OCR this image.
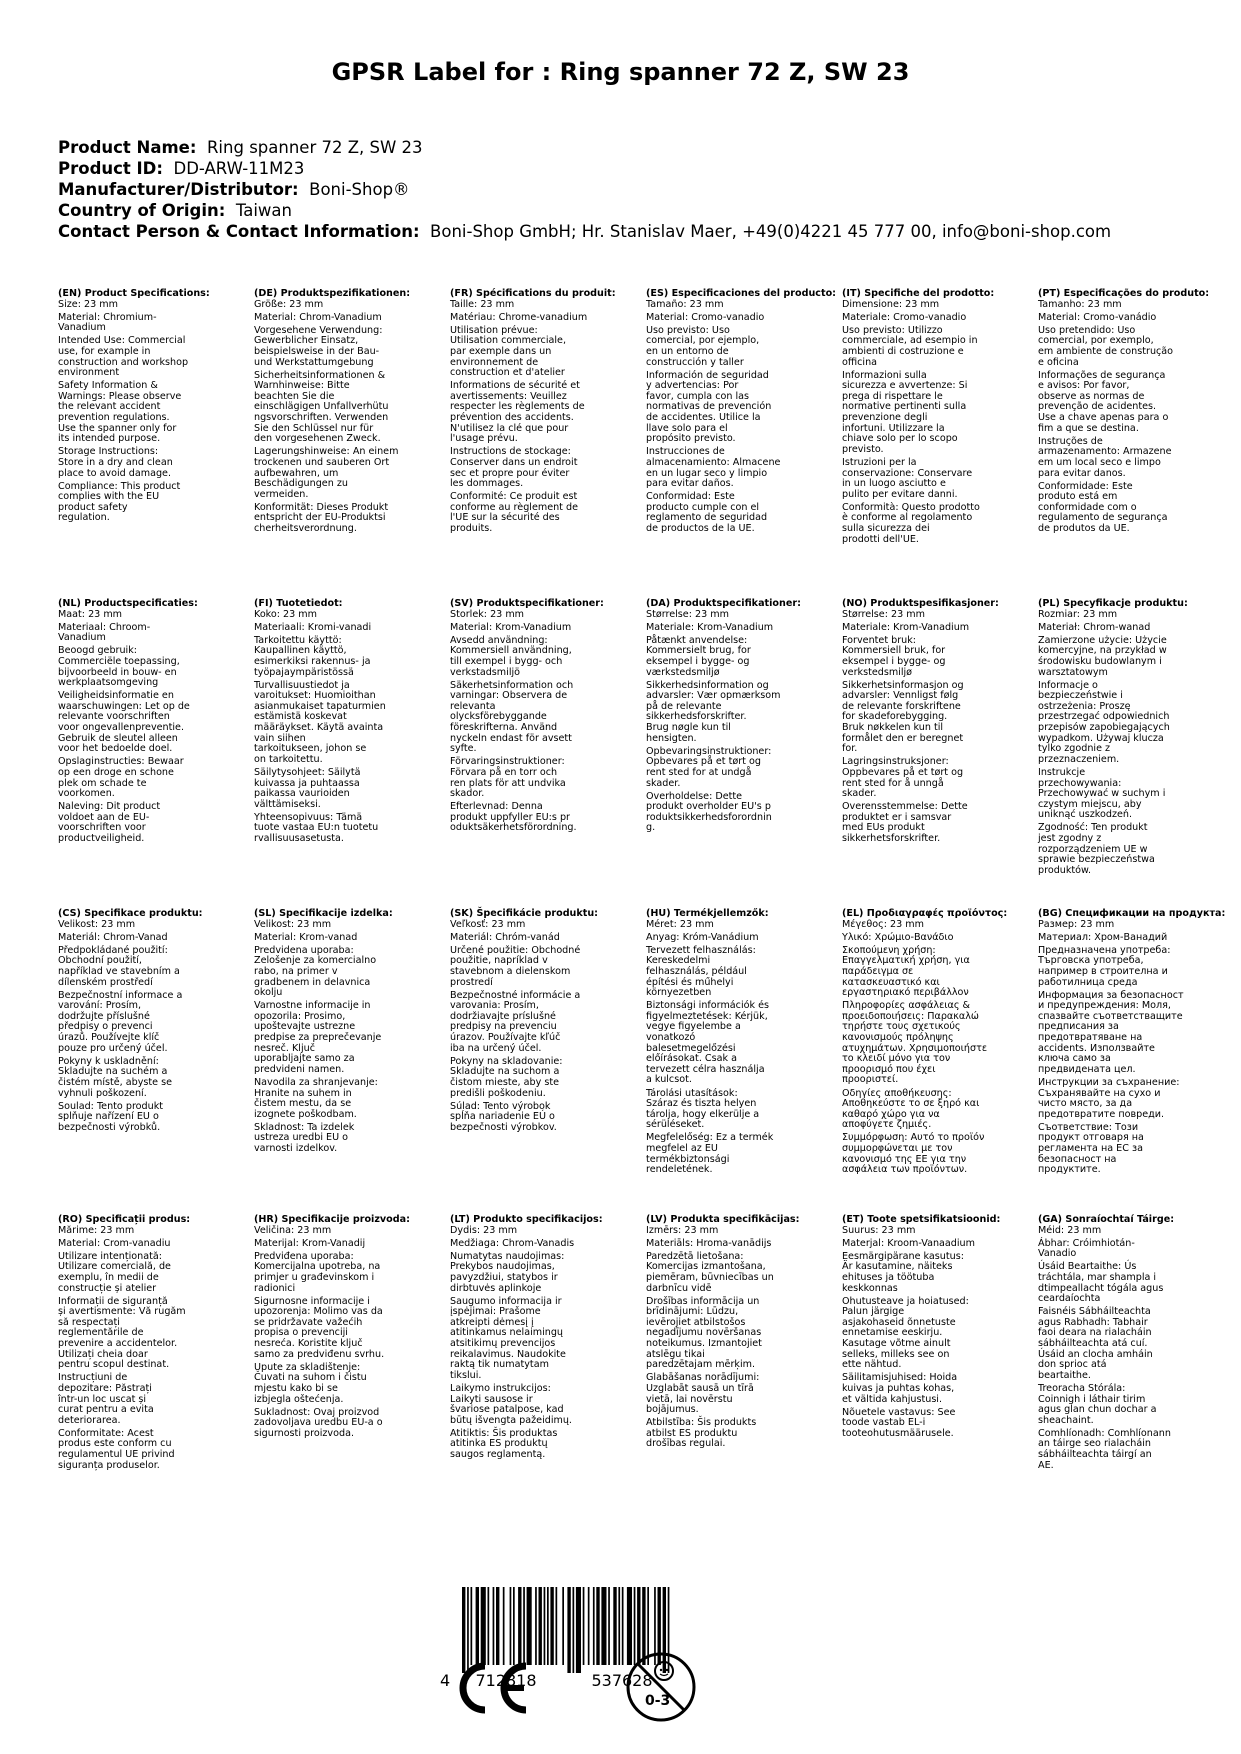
GPSR Label for : Ring spanner 72 Z, SW 23
Product Name: Ring spanner 72 Z, SW 23
Product ID: DD-ARW-11M23
Manufacturer/Distributor: Boni-Shop®
Country of Origin: Taiwan
Contact Person & Contact Information: Boni-Shop GmbH; Hr. Stanislav Maer, +49(0)4221 45 777 00, info@boni-shop.com
(EN) Product Specifications:
Size: 23 mm
Material: Chromium-
Vanadium
Intended Use: Commercial
use, for example in
construction and workshop
environment
Safety Information &
Warnings: Please observe
the relevant accident
prevention regulations.
Use the spanner only for
its intended purpose.
Storage Instructions:
Store in a dry and clean
place to avoid damage.
Compliance: This product
complies with the EU
product safety
regulation.
(DE) Produktspezifikationen:
Größe: 23 mm
Material: Chrom-Vanadium
Vorgesehene Verwendung:
Gewerblicher Einsatz,
beispielsweise in der Bau-
und Werkstattumgebung
Sicherheitsinformationen &
Warnhinweise: Bitte
beachten Sie die
einschlägigen Unfallverhütu
ngsvorschriften. Verwenden
Sie den Schlüssel nur für
den vorgesehenen Zweck.
Lagerungshinweise: An einem
trockenen und sauberen Ort
aufbewahren, um
Beschädigungen zu
vermeiden.
Konformität: Dieses Produkt
entspricht der EU-Produktsi
cherheitsverordnung.
(FR) Spécifications du produit:
Taille: 23 mm
Matériau: Chrome-vanadium
Utilisation prévue:
Utilisation commerciale,
par exemple dans un
environnement de
construction et d'atelier
Informations de sécurité et
avertissements: Veuillez
respecter les règlements de
prévention des accidents.
N'utilisez la clé que pour
l'usage prévu.
Instructions de stockage:
Conserver dans un endroit
sec et propre pour éviter
les dommages.
Conformité: Ce produit est
conforme au règlement de
l'UE sur la sécurité des
produits.
(ES) Especificaciones del producto:
Tamaño: 23 mm
Material: Cromo-vanadio
Uso previsto: Uso
comercial, por ejemplo,
en un entorno de
construcción y taller
Información de seguridad
y advertencias: Por
favor, cumpla con las
normativas de prevención
de accidentes. Utilice la
llave solo para el
propósito previsto.
Instrucciones de
almacenamiento: Almacene
en un lugar seco y limpio
para evitar daños.
Conformidad: Este
producto cumple con el
reglamento de seguridad
de productos de la UE.
(IT) Specifiche del prodotto:
Dimensione: 23 mm
Materiale: Cromo-vanadio
Uso previsto: Utilizzo
commerciale, ad esempio in
ambienti di costruzione e
officina
Informazioni sulla
sicurezza e avvertenze: Si
prega di rispettare le
normative pertinenti sulla
prevenzione degli
infortuni. Utilizzare la
chiave solo per lo scopo
previsto.
Istruzioni per la
conservazione: Conservare
in un luogo asciutto e
pulito per evitare danni.
Conformità: Questo prodotto
è conforme al regolamento
sulla sicurezza dei
prodotti dell'UE.
(PT) Especificações do produto:
Tamanho: 23 mm
Material: Cromo-vanádio
Uso pretendido: Uso
comercial, por exemplo,
em ambiente de construção
e oficina
Informações de segurança
e avisos: Por favor,
observe as normas de
prevenção de acidentes.
Use a chave apenas para o
fim a que se destina.
Instruções de
armazenamento: Armazene
em um local seco e limpo
para evitar danos.
Conformidade: Este
produto está em
conformidade com o
regulamento de segurança
de produtos da UE.
(NL) Productspecificaties:
Maat: 23 mm
Materiaal: Chroom-
Vanadium
Beoogd gebruik:
Commerciële toepassing,
bijvoorbeeld in bouw- en
werkplaatsomgeving
Veiligheidsinformatie en
waarschuwingen: Let op de
relevante voorschriften
voor ongevallenpreventie.
Gebruik de sleutel alleen
voor het bedoelde doel.
Opslaginstructies: Bewaar
op een droge en schone
plek om schade te
voorkomen.
Naleving: Dit product
voldoet aan de EU-
voorschriften voor
productveiligheid.
(FI) Tuotetiedot:
Koko: 23 mm
Materiaali: Kromi-vanadi
Tarkoitettu käyttö:
Kaupallinen käyttö,
esimerkiksi rakennus- ja
työpajaympäristössä
Turvallisuustiedot ja
varoitukset: Huomioithan
asianmukaiset tapaturmien
estämistä koskevat
määräykset. Käytä avainta
vain siihen
tarkoitukseen, johon se
on tarkoitettu.
Säilytysohjeet: Säilytä
kuivassa ja puhtaassa
paikassa vaurioiden
välttämiseksi.
Yhteensopivuus: Tämä
tuote vastaa EU:n tuotetu
rvallisuusasetusta.
(SV) Produktspecifikationer:
Storlek: 23 mm
Material: Krom-Vanadium
Avsedd användning:
Kommersiell användning,
till exempel i bygg- och
verkstadsmiljö
Säkerhetsinformation och
varningar: Observera de
relevanta
olycksförebyggande
föreskrifterna. Använd
nyckeln endast för avsett
syfte.
Förvaringsinstruktioner:
Förvara på en torr och
ren plats för att undvika
skador.
Efterlevnad: Denna
produkt uppfyller EU:s pr
oduktsäkerhetsförordning.
(DA) Produktspecifikationer:
Størrelse: 23 mm
Materiale: Krom-Vanadium
Påtænkt anvendelse:
Kommersielt brug, for
eksempel i bygge- og
værkstedsmiljø
Sikkerhedsinformation og
advarsler: Vær opmærksom
på de relevante
sikkerhedsforskrifter.
Brug nøgle kun til
hensigten.
Opbevaringsinstruktioner:
Opbevares på et tørt og
rent sted for at undgå
skader.
Overholdelse: Dette
produkt overholder EU's p
roduktsikkerhedsforordnin
g.
(NO) Produktspesifikasjoner:
Størrelse: 23 mm
Materiale: Krom-Vanadium
Forventet bruk:
Kommersiell bruk, for
eksempel i bygge- og
verkstedsmiljø
Sikkerhetsinformasjon og
advarsler: Vennligst følg
de relevante forskriftene
for skadeforebygging.
Bruk nøkkelen kun til
formålet den er beregnet
for.
Lagringsinstruksjoner:
Oppbevares på et tørt og
rent sted for å unngå
skader.
Overensstemmelse: Dette
produktet er i samsvar
med EUs produkt
sikkerhetsforskrifter.
(PL) Specyfikacje produktu:
Rozmiar: 23 mm
Materiał: Chrom-wanad
Zamierzone użycie: Użycie
komercyjne, na przykład w
środowisku budowlanym i
warsztatowym
Informacje o
bezpieczeństwie i
ostrzeżenia: Proszę
przestrzegać odpowiednich
przepisów zapobiegających
wypadkom. Używaj klucza
tylko zgodnie z
przeznaczeniem.
Instrukcje
przechowywania:
Przechowywać w suchym i
czystym miejscu, aby
uniknąć uszkodzeń.
Zgodność: Ten produkt
jest zgodny z
rozporządzeniem UE w
sprawie bezpieczeństwa
produktów.
(CS) Specifikace produktu:
Velikost: 23 mm
Materiál: Chrom-Vanad
Předpokládané použití:
Obchodní použití,
například ve stavebním a
dílenském prostředí
Bezpečnostní informace a
varování: Prosím,
dodržujte příslušné
předpisy o prevenci
úrazů. Používejte klíč
pouze pro určený účel.
Pokyny k uskladnění:
Skladujte na suchém a
čistém místě, abyste se
vyhnuli poškození.
Soulad: Tento produkt
splňuje nařízení EU o
bezpečnosti výrobků.
(SL) Specifikacije izdelka:
Velikost: 23 mm
Material: Krom-vanad
Predvidena uporaba:
Zelošenje za komercialno
rabo, na primer v
gradbenem in delavnica
okolju
Varnostne informacije in
opozorila: Prosimo,
upoštevajte ustrezne
predpise za preprečevanje
nesreč. Ključ
uporabljajte samo za
predvideni namen.
Navodila za shranjevanje:
Hranite na suhem in
čistem mestu, da se
izognete poškodbam.
Skladnost: Ta izdelek
ustreza uredbi EU o
varnosti izdelkov.
(SK) Špecifikácie produktu:
Veľkosť: 23 mm
Materiál: Chróm-vanád
Určené použitie: Obchodné
použitie, napríklad v
stavebnom a dielenskom
prostredí
Bezpečnostné informácie a
varovania: Prosím,
dodržiavajte príslušné
predpisy na prevenciu
úrazov. Používajte kľúč
iba na určený účel.
Pokyny na skladovanie:
Skladujte na suchom a
čistom mieste, aby ste
predišli poškodeniu.
Súlad: Tento výrobok
spĺňa nariadenie EÚ o
bezpečnosti výrobkov.
(HU) Termékjellemzők:
Méret: 23 mm
Anyag: Króm-Vanádium
Tervezett felhasználás:
Kereskedelmi
felhasználás, például
építési és műhelyi
környezetben
Biztonsági információk és
figyelmeztetések: Kérjük,
vegye figyelembe a
vonatkozó
balesetmegelőzési
előírásokat. Csak a
tervezett célra használja
a kulcsot.
Tárolási utasítások:
Száraz és tiszta helyen
tárolja, hogy elkerülje a
sérüléseket.
Megfelelőség: Ez a termék
megfelel az EU
termékbiztonsági
rendeletének.
(EL) Προδιαγραφές προϊόντος:
Μέγεθος: 23 mm
Υλικό: Χρώμιο-Βανάδιο
Σκοπούμενη χρήση:
Επαγγελματική χρήση, για
παράδειγμα σε
κατασκευαστικό και
εργαστηριακό περιβάλλον
Πληροφορίες ασφάλειας &
προειδοποιήσεις: Παρακαλώ
τηρήστε τους σχετικούς
κανονισμούς πρόληψης
ατυχημάτων. Χρησιμοποιήστε
το κλειδί μόνο για τον
προορισμό που έχει
προοριστεί.
Οδηγίες αποθήκευσης:
Αποθηκεύστε το σε ξηρό και
καθαρό χώρο για να
αποφύγετε ζημιές.
Συμμόρφωση: Αυτό το προϊόν
συμμορφώνεται με τον
κανονισμό της ΕΕ για την
ασφάλεια των προϊόντων.
(BG) Спецификации на продукта:
Размер: 23 mm
Материал: Хром-Ванадий
Предназначена употреба:
Търговска употреба,
например в строителна и
работилница среда
Информация за безопасност
и предупреждения: Моля,
спазвайте съответстващите
предписания за
предотвратяване на
accidents. Използвайте
ключа само за
предвидената цел.
Инструкции за съхранение:
Съхранявайте на сухо и
чисто място, за да
предотвратите повреди.
Съответствие: Този
продукт отговаря на
регламента на ЕС за
безопасност на
продуктите.
(RO) Specificații produs:
Mărime: 23 mm
Material: Crom-vanadiu
Utilizare intenționată:
Utilizare comercială, de
exemplu, în medii de
construcție și atelier
Informații de siguranță
și avertismente: Vă rugăm
să respectați
reglementările de
prevenire a accidentelor.
Utilizați cheia doar
pentru scopul destinat.
Instrucțiuni de
depozitare: Păstrați
într-un loc uscat și
curat pentru a evita
deteriorarea.
Conformitate: Acest
produs este conform cu
regulamentul UE privind
siguranța produselor.
(HR) Specifikacije proizvoda:
Veličina: 23 mm
Materijal: Krom-Vanadij
Predviđena uporaba:
Komercijalna upotreba, na
primjer u građevinskom i
radionici
Sigurnosne informacije i
upozorenja: Molimo vas da
se pridržavate važećih
propisa o prevenciji
nesreća. Koristite ključ
samo za predviđenu svrhu.
Upute za skladištenje:
Čuvati na suhom i čistu
mjestu kako bi se
izbjegla oštećenja.
Sukladnost: Ovaj proizvod
zadovoljava uredbu EU-a o
sigurnosti proizvoda.
(LT) Produkto specifikacijos:
Dydis: 23 mm
Medžiaga: Chrom-Vanadis
Numatytas naudojimas:
Prekybos naudojimas,
pavyzdžiui, statybos ir
dirbtuvės aplinkoje
Saugumo informacija ir
įspėjimai: Prašome
atkreipti dėmesį į
atitinkamus nelaimingų
atsitikimų prevencijos
reikalavimus. Naudokite
raktą tik numatytam
tikslui.
Laikymo instrukcijos:
Laikyti sausose ir
švariose patalpose, kad
būtų išvengta pažeidimų.
Atitiktis: Šis produktas
atitinka ES produktų
saugos reglamentą.
(LV) Produkta specifikācijas:
Izmērs: 23 mm
Materiāls: Hroma-vanādijs
Paredzētā lietošana:
Komercijas izmantošana,
piemēram, būvniecības un
darbnīcu vidē
Drošības informācija un
brīdinājumi: Lūdzu,
ievērojiet atbilstošos
negadījumu novēršanas
noteikumus. Izmantojiet
atslēgu tikai
paredzētajam mērķim.
Glabāšanas norādījumi:
Uzglabāt sausā un tīrā
vietā, lai novērstu
bojājumus.
Atbilstība: Šis produkts
atbilst ES produktu
drošības regulai.
(ET) Toote spetsifikatsioonid:
Suurus: 23 mm
Materjal: Kroom-Vanaadium
Eesmärgipärane kasutus:
Är kasutamine, näiteks
ehituses ja töötuba
keskkonnas
Ohutusteave ja hoiatused:
Palun järgige
asjakohaseid õnnetuste
ennetamise eeskirju.
Kasutage võtme ainult
selleks, milleks see on
ette nähtud.
Säilitamisjuhised: Hoida
kuivas ja puhtas kohas,
et vältida kahjustusi.
Nõuetele vastavus: See
toode vastab EL-i
tooteohutusmäärusele.
(GA) Sonraíochtaí Táirge:
Méid: 23 mm
Ábhar: Cróimhiotán-
Vanadio
Úsáid Beartaithe: Ús
tráchtála, mar shampla i
dtimpeallacht tógála agus
ceardaíochta
Faisnéis Sábháilteachta
agus Rabhadh: Tabhair
faoi deara na rialacháin
sábháilteachta atá cuí.
Úsáid an clocha amháin
don sprioc atá
beartaithe.
Treoracha Stórála:
Coinnigh i láthair tirim
agus glan chun dochar a
sheachaint.
Comhlíonadh: Comhlíonann
an táirge seo rialacháin
sábháilteachta táirgí an
AE.
4 712818	537628
0-3
